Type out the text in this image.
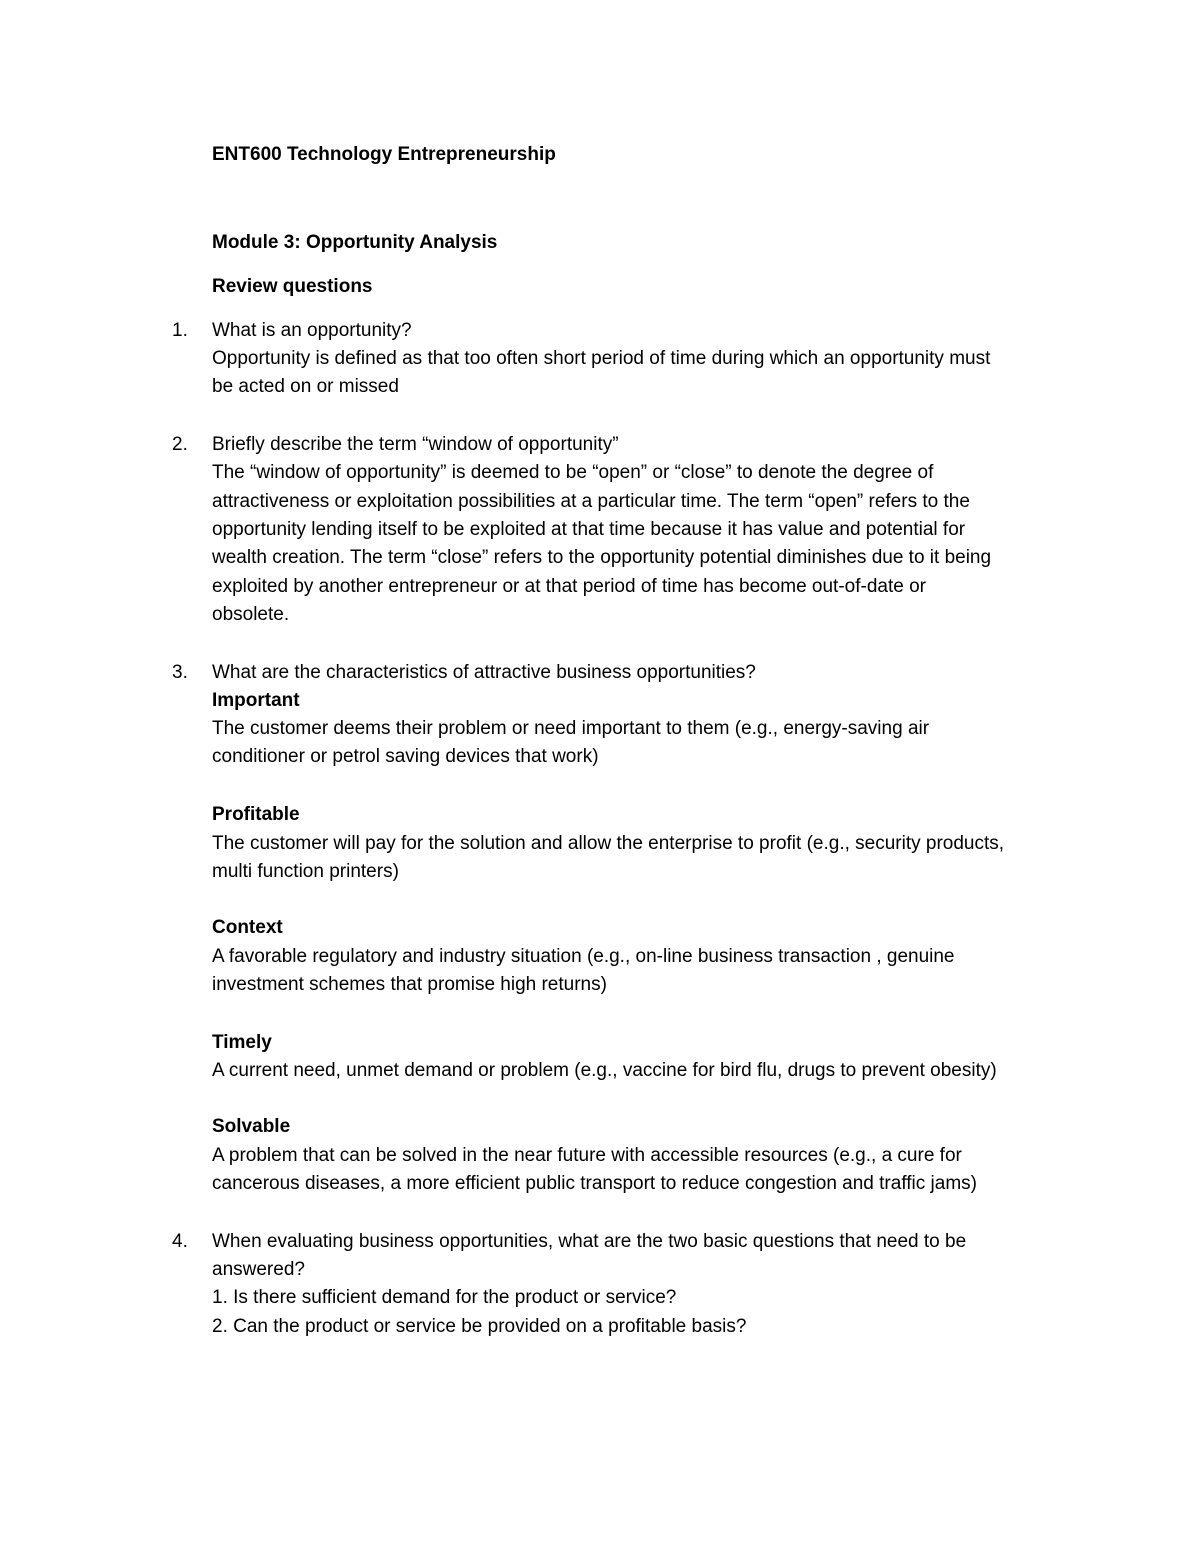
ENT600 Technology Entrepreneurship
Module 3: Opportunity Analysis
Review questions
1. What is an opportunity?
Opportunity is defined as that too often short period of time during which an opportunity must
be acted on or missed
2. Briefly describe the term “window of opportunity”
The “window of opportunity” is deemed to be “open” or “close” to denote the degree of
attractiveness or exploitation possibilities at a particular time. The term “open” refers to the
opportunity lending itself to be exploited at that time because it has value and potential for
wealth creation. The term “close” refers to the opportunity potential diminishes due to it being
exploited by another entrepreneur or at that period of time has become out-of-date or
obsolete.
3. What are the characteristics of attractive business opportunities?
Important
The customer deems their problem or need important to them (e.g., energy-saving air
conditioner or petrol saving devices that work)
Profitable
The customer will pay for the solution and allow the enterprise to profit (e.g., security products,
multi function printers)
Context
A favorable regulatory and industry situation (e.g., on-line business transaction , genuine
investment schemes that promise high returns)
Timely
A current need, unmet demand or problem (e.g., vaccine for bird flu, drugs to prevent obesity)
Solvable
A problem that can be solved in the near future with accessible resources (e.g., a cure for
cancerous diseases, a more efficient public transport to reduce congestion and traffic jams)
4. When evaluating business opportunities, what are the two basic questions that need to be
answered?
1. Is there sufficient demand for the product or service?
2. Can the product or service be provided on a profitable basis?
